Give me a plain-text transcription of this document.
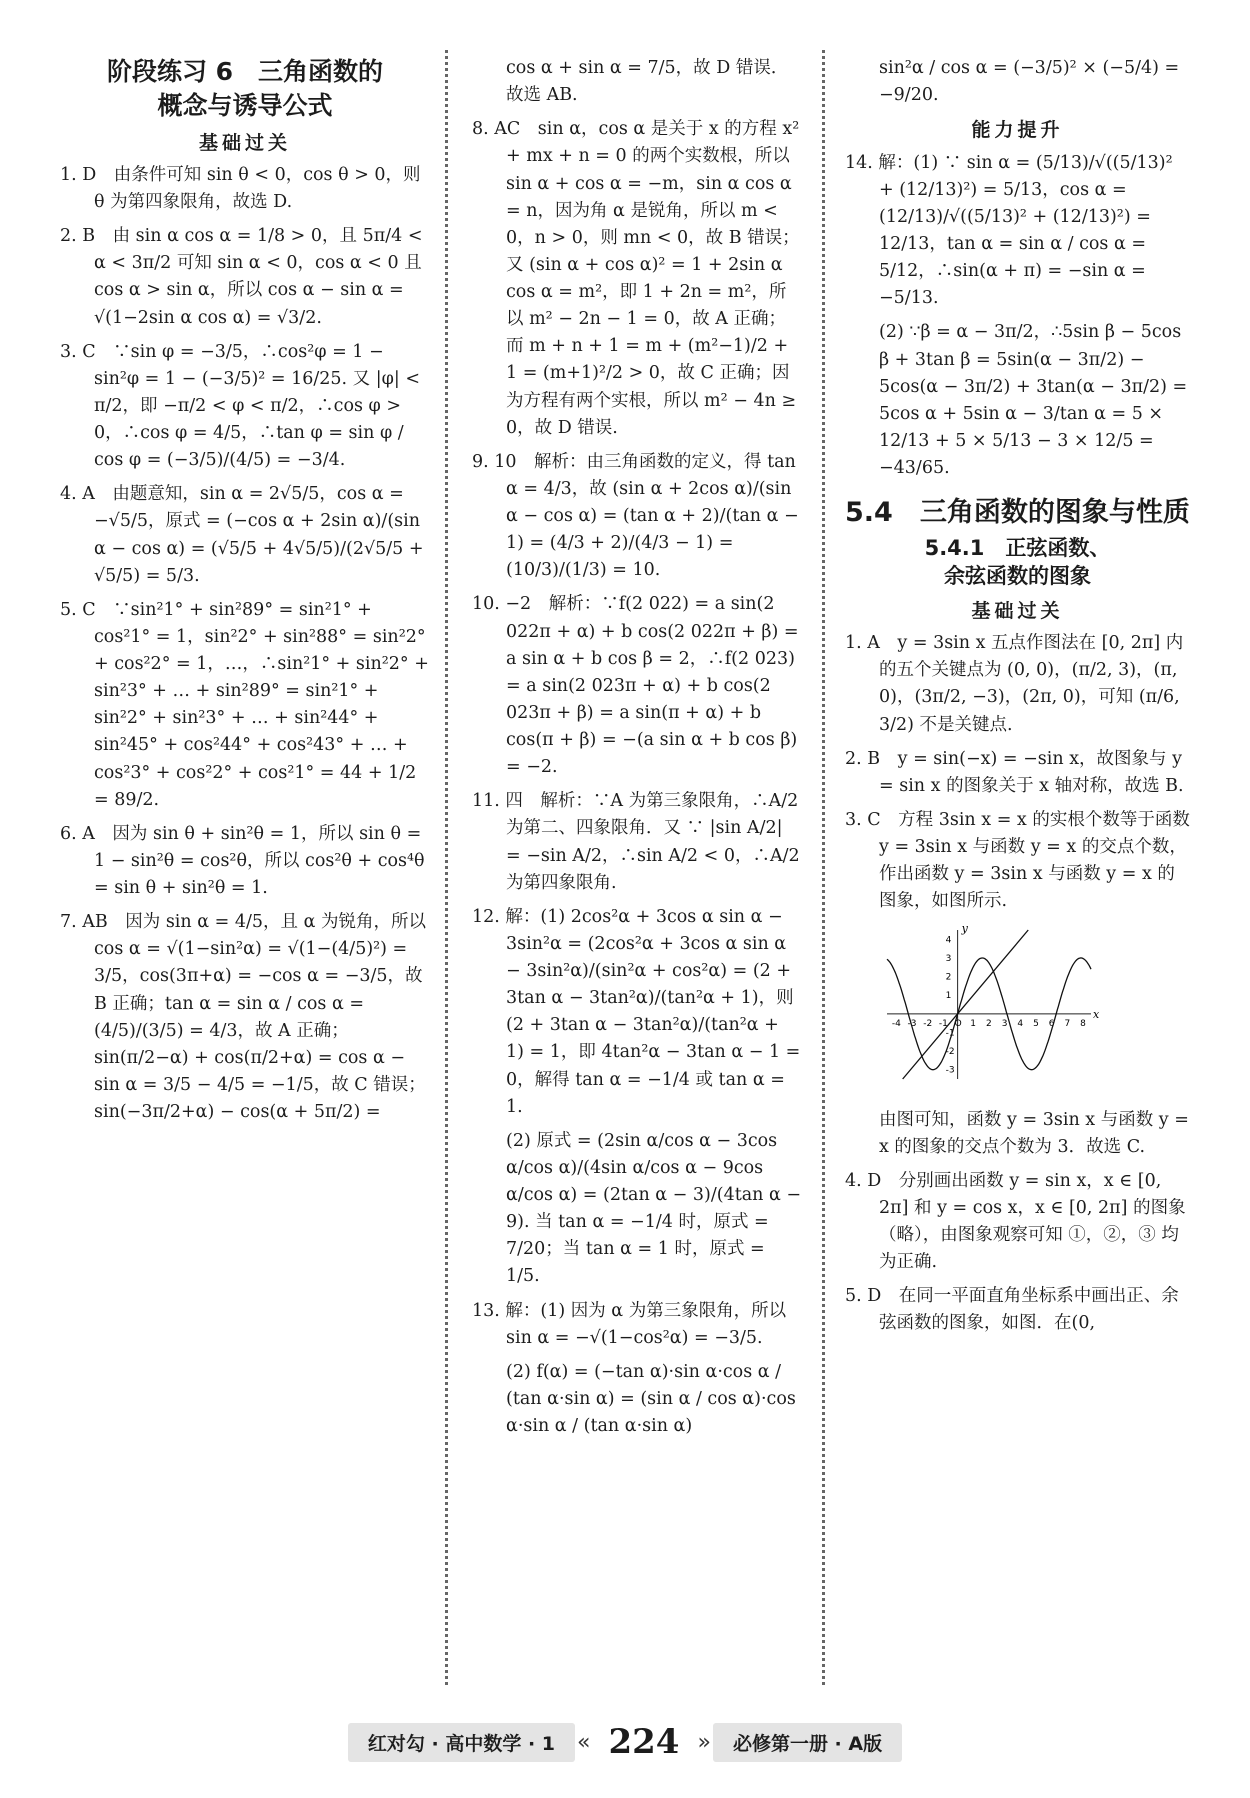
阶段练习 6　三角函数的
概念与诱导公式
基础过关
1. D　由条件可知 sin θ < 0，cos θ > 0，则 θ 为第四象限角，故选 D.
2. B　由 sin α cos α = 1/8 > 0，且 5π/4 < α < 3π/2 可知 sin α < 0，cos α < 0 且 cos α > sin α，所以 cos α − sin α = √(1−2sin α cos α) = √3/2.
3. C　∵sin φ = −3/5，∴cos²φ = 1 − sin²φ = 1 − (−3/5)² = 16/25. 又 |φ| < π/2，即 −π/2 < φ < π/2，∴cos φ > 0，∴cos φ = 4/5，∴tan φ = sin φ / cos φ = (−3/5)/(4/5) = −3/4.
4. A　由题意知，sin α = 2√5/5，cos α = −√5/5，原式 = (−cos α + 2sin α)/(sin α − cos α) = (√5/5 + 4√5/5)/(2√5/5 + √5/5) = 5/3.
5. C　∵sin²1° + sin²89° = sin²1° + cos²1° = 1，sin²2° + sin²88° = sin²2° + cos²2° = 1，…，∴sin²1° + sin²2° + sin²3° + … + sin²89° = sin²1° + sin²2° + sin²3° + … + sin²44° + sin²45° + cos²44° + cos²43° + … + cos²3° + cos²2° + cos²1° = 44 + 1/2 = 89/2.
6. A　因为 sin θ + sin²θ = 1，所以 sin θ = 1 − sin²θ = cos²θ，所以 cos²θ + cos⁴θ = sin θ + sin²θ = 1.
7. AB　因为 sin α = 4/5，且 α 为锐角，所以 cos α = √(1−sin²α) = √(1−(4/5)²) = 3/5，cos(3π+α) = −cos α = −3/5，故 B 正确；tan α = sin α / cos α = (4/5)/(3/5) = 4/3，故 A 正确；sin(π/2−α) + cos(π/2+α) = cos α − sin α = 3/5 − 4/5 = −1/5，故 C 错误；sin(−3π/2+α) − cos(α + 5π/2) =
cos α + sin α = 7/5，故 D 错误．故选 AB.
8. AC　sin α，cos α 是关于 x 的方程 x² + mx + n = 0 的两个实数根，所以 sin α + cos α = −m，sin α cos α = n，因为角 α 是锐角，所以 m < 0，n > 0，则 mn < 0，故 B 错误；又 (sin α + cos α)² = 1 + 2sin α cos α = m²，即 1 + 2n = m²，所以 m² − 2n − 1 = 0，故 A 正确；而 m + n + 1 = m + (m²−1)/2 + 1 = (m+1)²/2 > 0，故 C 正确；因为方程有两个实根，所以 m² − 4n ≥ 0，故 D 错误.
9. 10　解析：由三角函数的定义，得 tan α = 4/3，故 (sin α + 2cos α)/(sin α − cos α) = (tan α + 2)/(tan α − 1) = (4/3 + 2)/(4/3 − 1) = (10/3)/(1/3) = 10.
10. −2　解析：∵f(2 022) = a sin(2 022π + α) + b cos(2 022π + β) = a sin α + b cos β = 2，∴f(2 023) = a sin(2 023π + α) + b cos(2 023π + β) = a sin(π + α) + b cos(π + β) = −(a sin α + b cos β) = −2.
11. 四　解析：∵A 为第三象限角，∴A/2 为第二、四象限角．又 ∵ |sin A/2| = −sin A/2，∴sin A/2 < 0，∴A/2 为第四象限角.
12. 解：(1) 2cos²α + 3cos α sin α − 3sin²α = (2cos²α + 3cos α sin α − 3sin²α)/(sin²α + cos²α) = (2 + 3tan α − 3tan²α)/(tan²α + 1)，则 (2 + 3tan α − 3tan²α)/(tan²α + 1) = 1，即 4tan²α − 3tan α − 1 = 0，解得 tan α = −1/4 或 tan α = 1.
(2) 原式 = (2sin α/cos α − 3cos α/cos α)/(4sin α/cos α − 9cos α/cos α) = (2tan α − 3)/(4tan α − 9). 当 tan α = −1/4 时，原式 = 7/20；当 tan α = 1 时，原式 = 1/5.
13. 解：(1) 因为 α 为第三象限角，所以 sin α = −√(1−cos²α) = −3/5.
(2) f(α) = (−tan α)·sin α·cos α / (tan α·sin α) = (sin α / cos α)·cos α·sin α / (tan α·sin α)
sin²α / cos α = (−3/5)² × (−5/4) = −9/20.
能力提升
14. 解：(1) ∵ sin α = (5/13)/√((5/13)² + (12/13)²) = 5/13，cos α = (12/13)/√((5/13)² + (12/13)²) = 12/13，tan α = sin α / cos α = 5/12，∴sin(α + π) = −sin α = −5/13.
(2) ∵β = α − 3π/2，∴5sin β − 5cos β + 3tan β = 5sin(α − 3π/2) − 5cos(α − 3π/2) + 3tan(α − 3π/2) = 5cos α + 5sin α − 3/tan α = 5 × 12/13 + 5 × 5/13 − 3 × 12/5 = −43/65.
5.4　三角函数的图象与性质
5.4.1　正弦函数、
余弦函数的图象
基础过关
1. A　y = 3sin x 五点作图法在 [0, 2π] 内的五个关键点为 (0, 0)，(π/2, 3)，(π, 0)，(3π/2, −3)，(2π, 0)，可知 (π/6, 3/2) 不是关键点.
2. B　y = sin(−x) = −sin x，故图象与 y = sin x 的图象关于 x 轴对称，故选 B.
3. C　方程 3sin x = x 的实根个数等于函数 y = 3sin x 与函数 y = x 的交点个数，作出函数 y = 3sin x 与函数 y = x 的图象，如图所示.
x
y
-4 -3 -2 -1 O 1 2 3 4 5 6 7 8
4
3
2
1
-1
-2
-3
由图可知，函数 y = 3sin x 与函数 y = x 的图象的交点个数为 3．故选 C.
4. D　分别画出函数 y = sin x，x ∈ [0, 2π] 和 y = cos x，x ∈ [0, 2π] 的图象（略），由图象观察可知 ①，②，③ 均为正确.
5. D　在同一平面直角坐标系中画出正、余弦函数的图象，如图．在(0,
红对勾 · 高中数学 · 1	« 224 »	必修第一册 · A版
